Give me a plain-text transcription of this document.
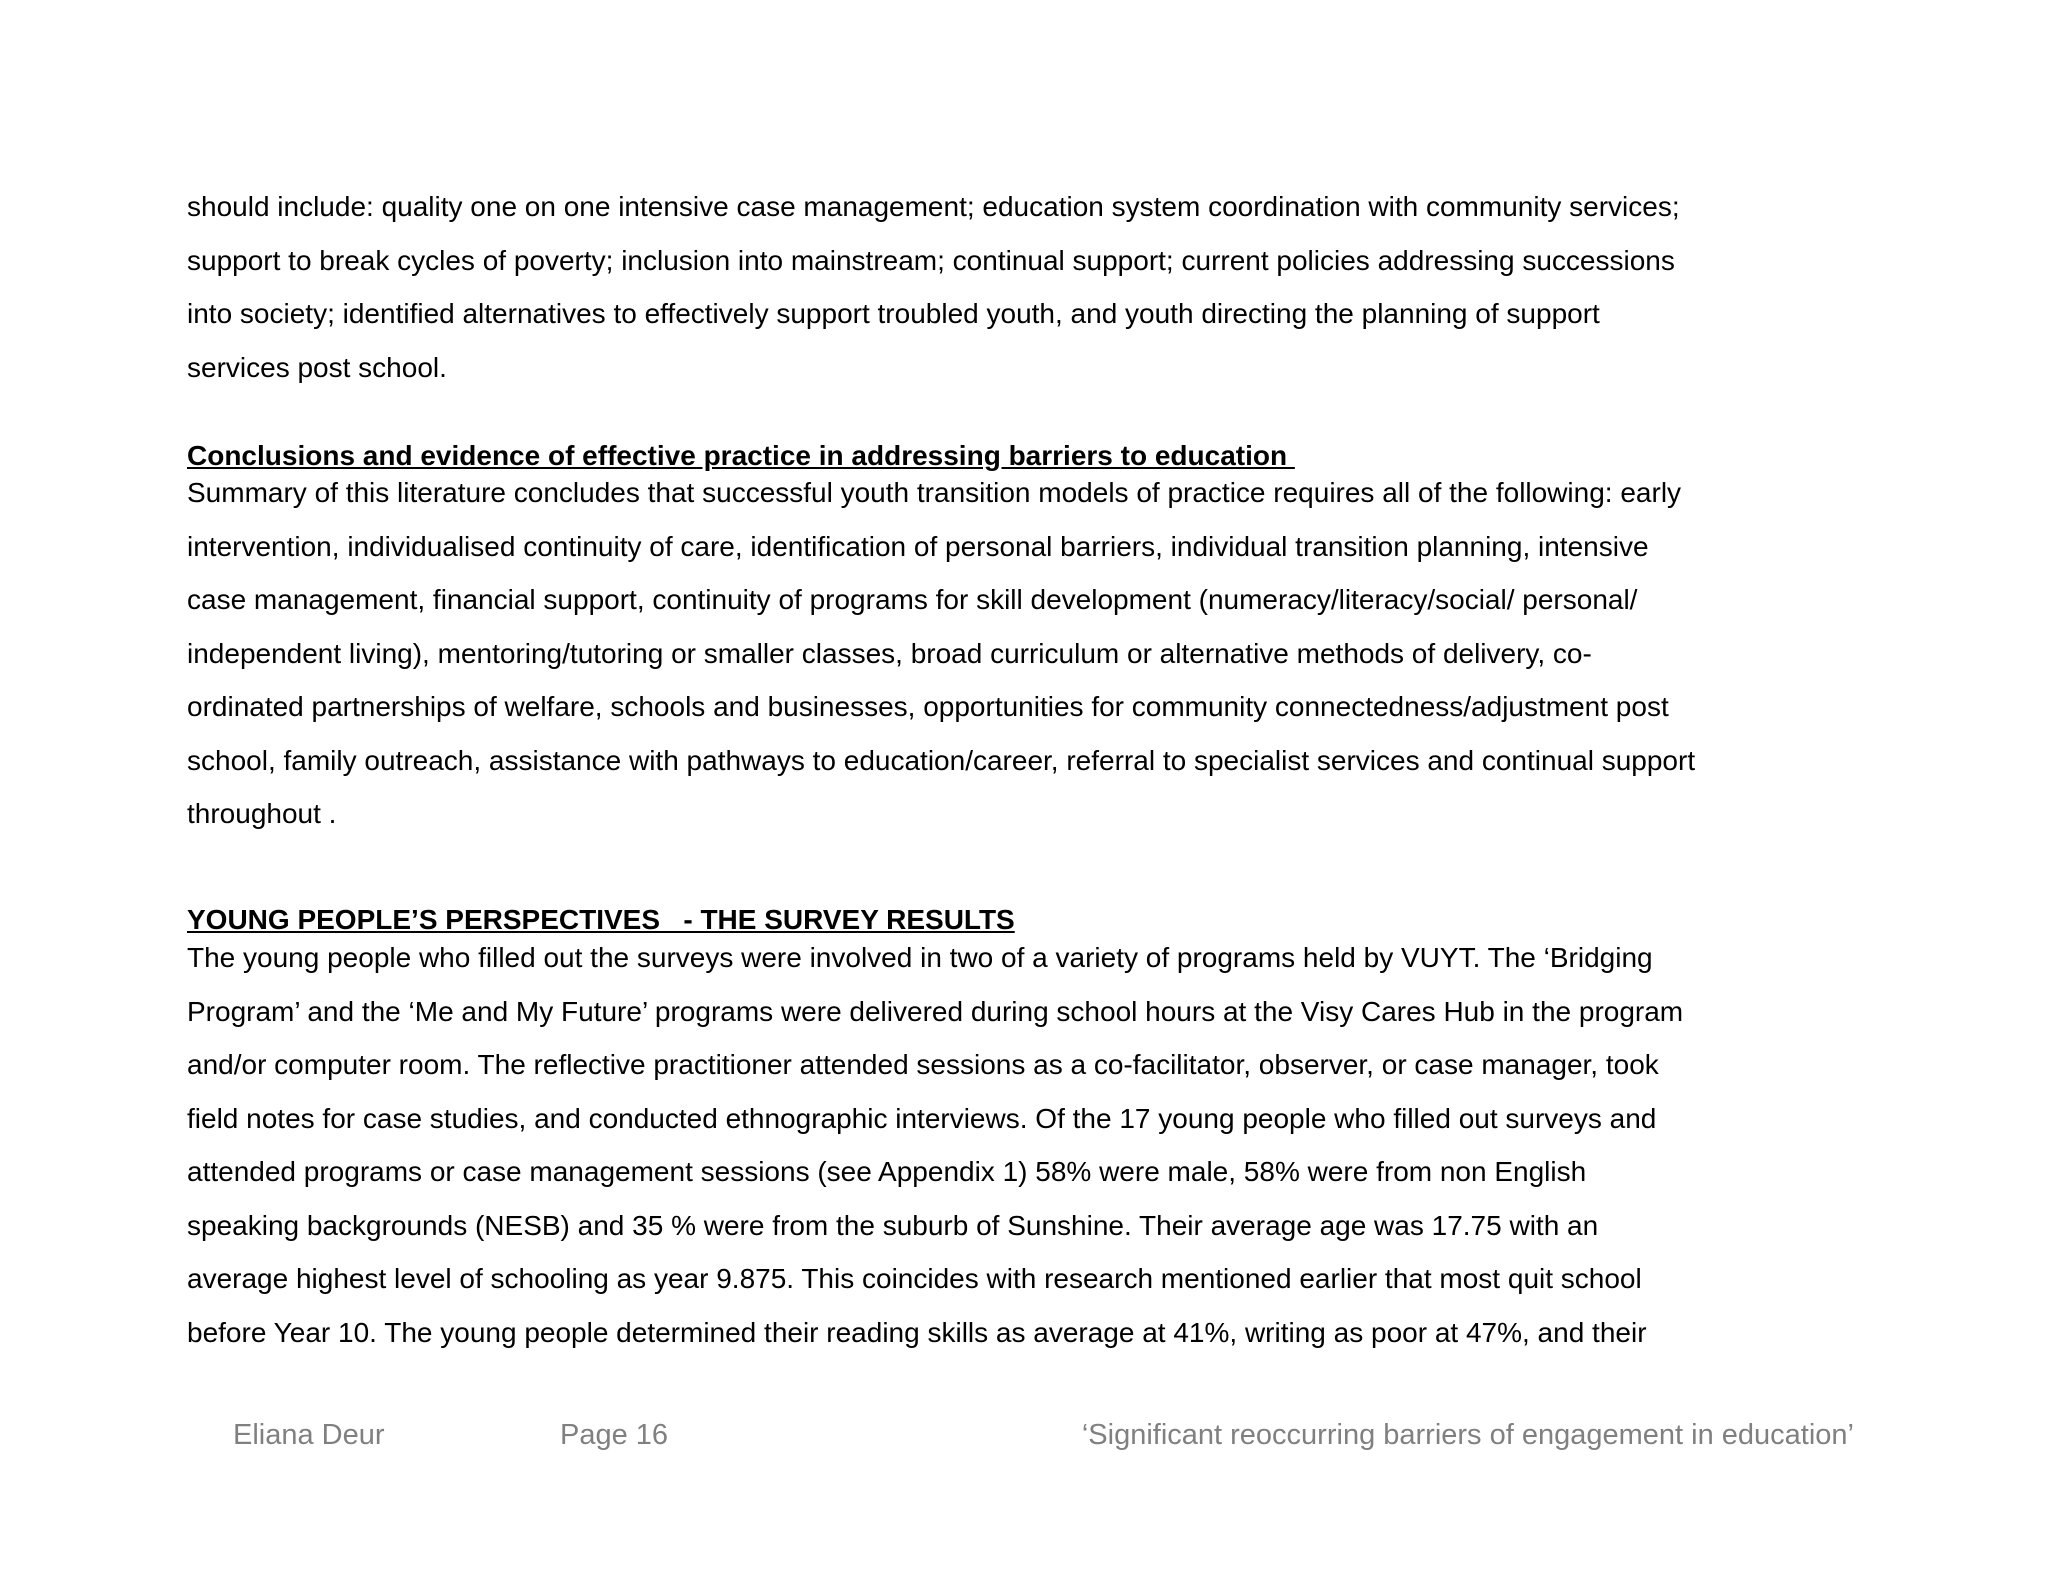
should include: quality one on one intensive case management; education system coordination with community services;
support to break cycles of poverty; inclusion into mainstream; continual support; current policies addressing successions
into society; identified alternatives to effectively support troubled youth, and youth directing the planning of support
services post school.
Conclusions and evidence of effective practice in addressing barriers to education
Summary of this literature concludes that successful youth transition models of practice requires all of the following: early
intervention, individualised continuity of care, identification of personal barriers, individual transition planning, intensive
case management, financial support, continuity of programs for skill development (numeracy/literacy/social/ personal/
independent living), mentoring/tutoring or smaller classes, broad curriculum or alternative methods of delivery, co-
ordinated partnerships of welfare, schools and businesses, opportunities for community connectedness/adjustment post
school, family outreach, assistance with pathways to education/career, referral to specialist services and continual support
throughout .
YOUNG PEOPLE’S PERSPECTIVES   - THE SURVEY RESULTS
The young people who filled out the surveys were involved in two of a variety of programs held by VUYT. The ‘Bridging
Program’ and the ‘Me and My Future’ programs were delivered during school hours at the Visy Cares Hub in the program
and/or computer room. The reflective practitioner attended sessions as a co-facilitator, observer, or case manager, took
field notes for case studies, and conducted ethnographic interviews. Of the 17 young people who filled out surveys and
attended programs or case management sessions (see Appendix 1) 58% were male, 58% were from non English
speaking backgrounds (NESB) and 35 % were from the suburb of Sunshine. Their average age was 17.75 with an
average highest level of schooling as year 9.875. This coincides with research mentioned earlier that most quit school
before Year 10. The young people determined their reading skills as average at 41%, writing as poor at 47%, and their
Eliana Deur	Page 16	‘Significant reoccurring barriers of engagement in education’
